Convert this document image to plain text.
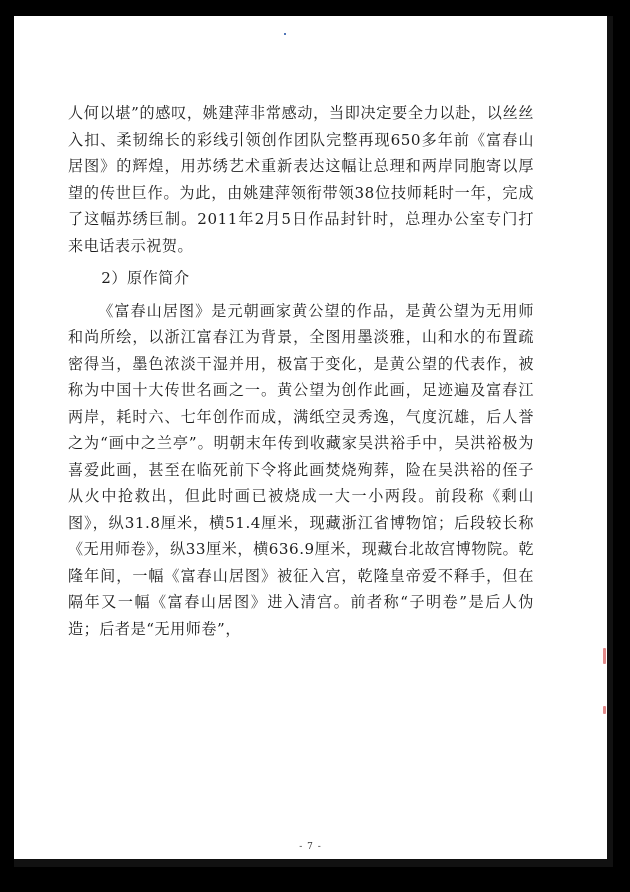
人何以堪”的感叹，姚建萍非常感动，当即决定要全力以赴，以丝丝入扣、柔韧绵长的彩线引领创作团队完整再现650多年前《富春山居图》的辉煌，用苏绣艺术重新表达这幅让总理和两岸同胞寄以厚望的传世巨作。为此，由姚建萍领衔带领38位技师耗时一年，完成了这幅苏绣巨制。2011年2月5日作品封针时，总理办公室专门打来电话表示祝贺。

2）原作简介

《富春山居图》是元朝画家黄公望的作品，是黄公望为无用师和尚所绘，以浙江富春江为背景，全图用墨淡雅，山和水的布置疏密得当，墨色浓淡干湿并用，极富于变化，是黄公望的代表作，被称为中国十大传世名画之一。黄公望为创作此画，足迹遍及富春江两岸，耗时六、七年创作而成，满纸空灵秀逸，气度沉雄，后人誉之为“画中之兰亭”。明朝末年传到收藏家吴洪裕手中，吴洪裕极为喜爱此画，甚至在临死前下令将此画焚烧殉葬，险在吴洪裕的侄子从火中抢救出，但此时画已被烧成一大一小两段。前段称《剩山图》，纵31.8厘米，横51.4厘米，现藏浙江省博物馆；后段较长称《无用师卷》，纵33厘米，横636.9厘米，现藏台北故宫博物院。乾隆年间，一幅《富春山居图》被征入宫，乾隆皇帝爱不释手，但在隔年又一幅《富春山居图》进入清宫。前者称“子明卷”是后人伪造；后者是“无用师卷”，

- 7 -
